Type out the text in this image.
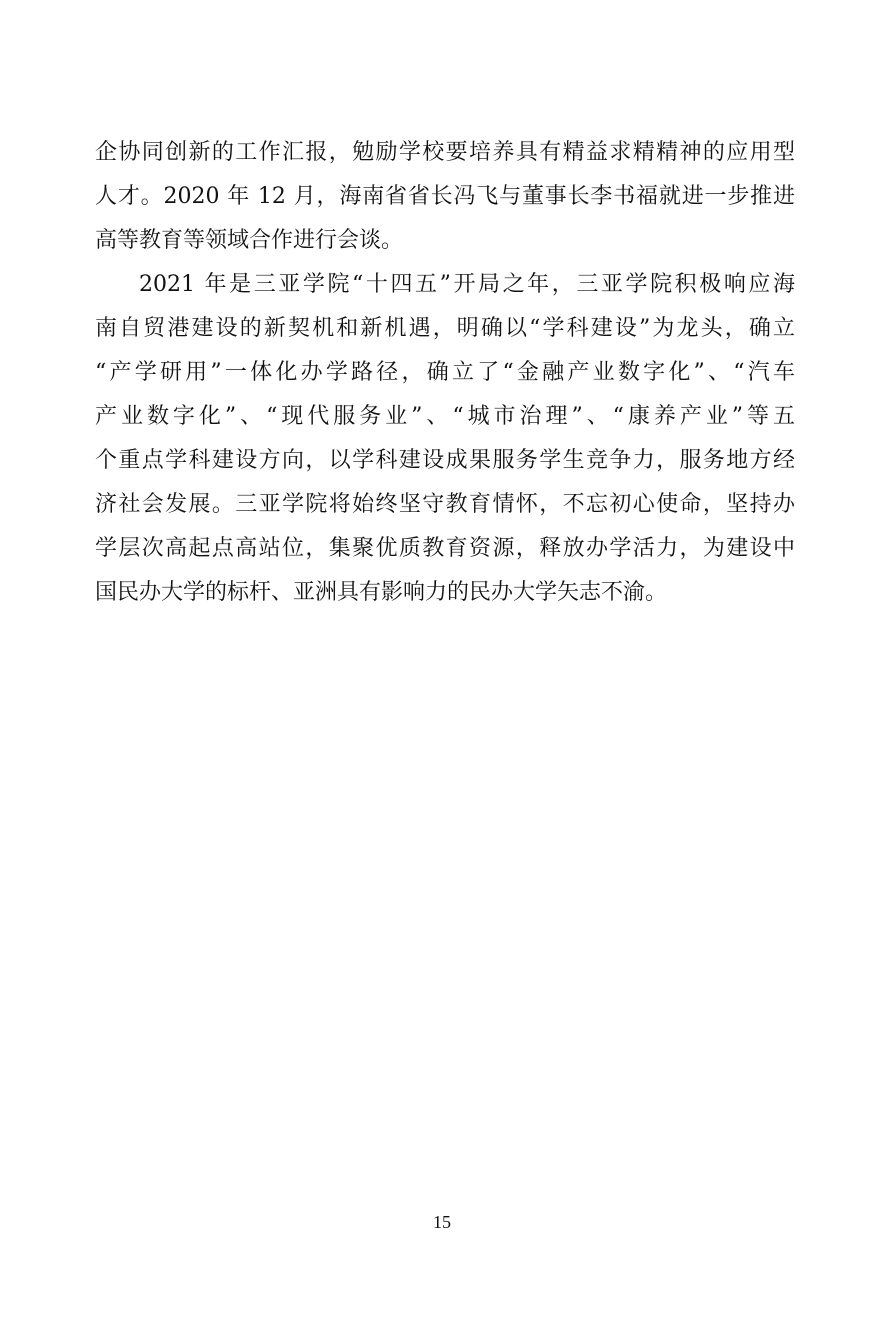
企协同创新的工作汇报，勉励学校要培养具有精益求精精神的应用型
人才。2020 年 12 月，海南省省长冯飞与董事长李书福就进一步推进
高等教育等领域合作进行会谈。
2021 年是三亚学院“十四五”开局之年，三亚学院积极响应海
南自贸港建设的新契机和新机遇，明确以“学科建设”为龙头，确立
“产学研用”一体化办学路径，确立了“金融产业数字化”、“汽车
产业数字化”、“现代服务业”、“城市治理”、“康养产业”等五
个重点学科建设方向，以学科建设成果服务学生竞争力，服务地方经
济社会发展。三亚学院将始终坚守教育情怀，不忘初心使命，坚持办
学层次高起点高站位，集聚优质教育资源，释放办学活力，为建设中
国民办大学的标杆、亚洲具有影响力的民办大学矢志不渝。
15
